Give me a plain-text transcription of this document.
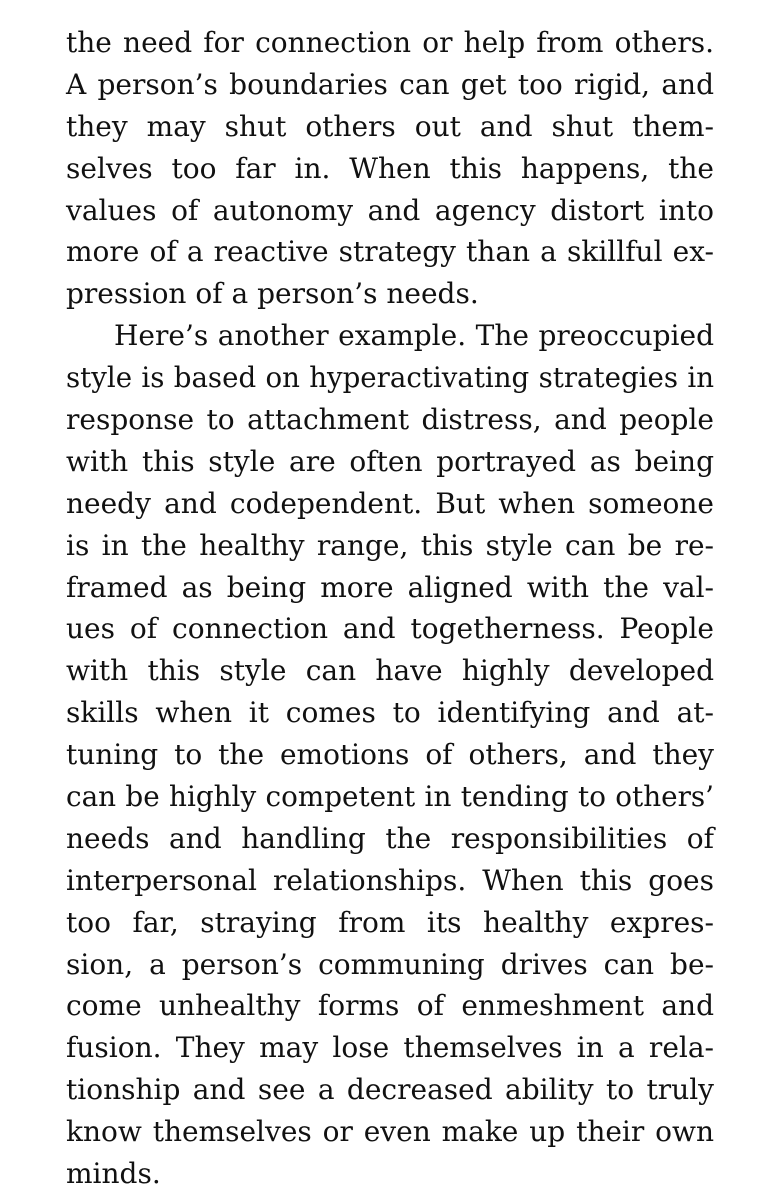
the need for connection or help from others.
A person’s boundaries can get too rigid, and
they may shut others out and shut them-
selves too far in. When this happens, the
values of autonomy and agency distort into
more of a reactive strategy than a skillful ex-
pression of a person’s needs.
Here’s another example. The preoccupied
style is based on hyperactivating strategies in
response to attachment distress, and people
with this style are often portrayed as being
needy and codependent. But when someone
is in the healthy range, this style can be re-
framed as being more aligned with the val-
ues of connection and togetherness. People
with this style can have highly developed
skills when it comes to identifying and at-
tuning to the emotions of others, and they
can be highly competent in tending to others’
needs and handling the responsibilities of
interpersonal relationships. When this goes
too far, straying from its healthy expres-
sion, a person’s communing drives can be-
come unhealthy forms of enmeshment and
fusion. They may lose themselves in a rela-
tionship and see a decreased ability to truly
know themselves or even make up their own
minds.
